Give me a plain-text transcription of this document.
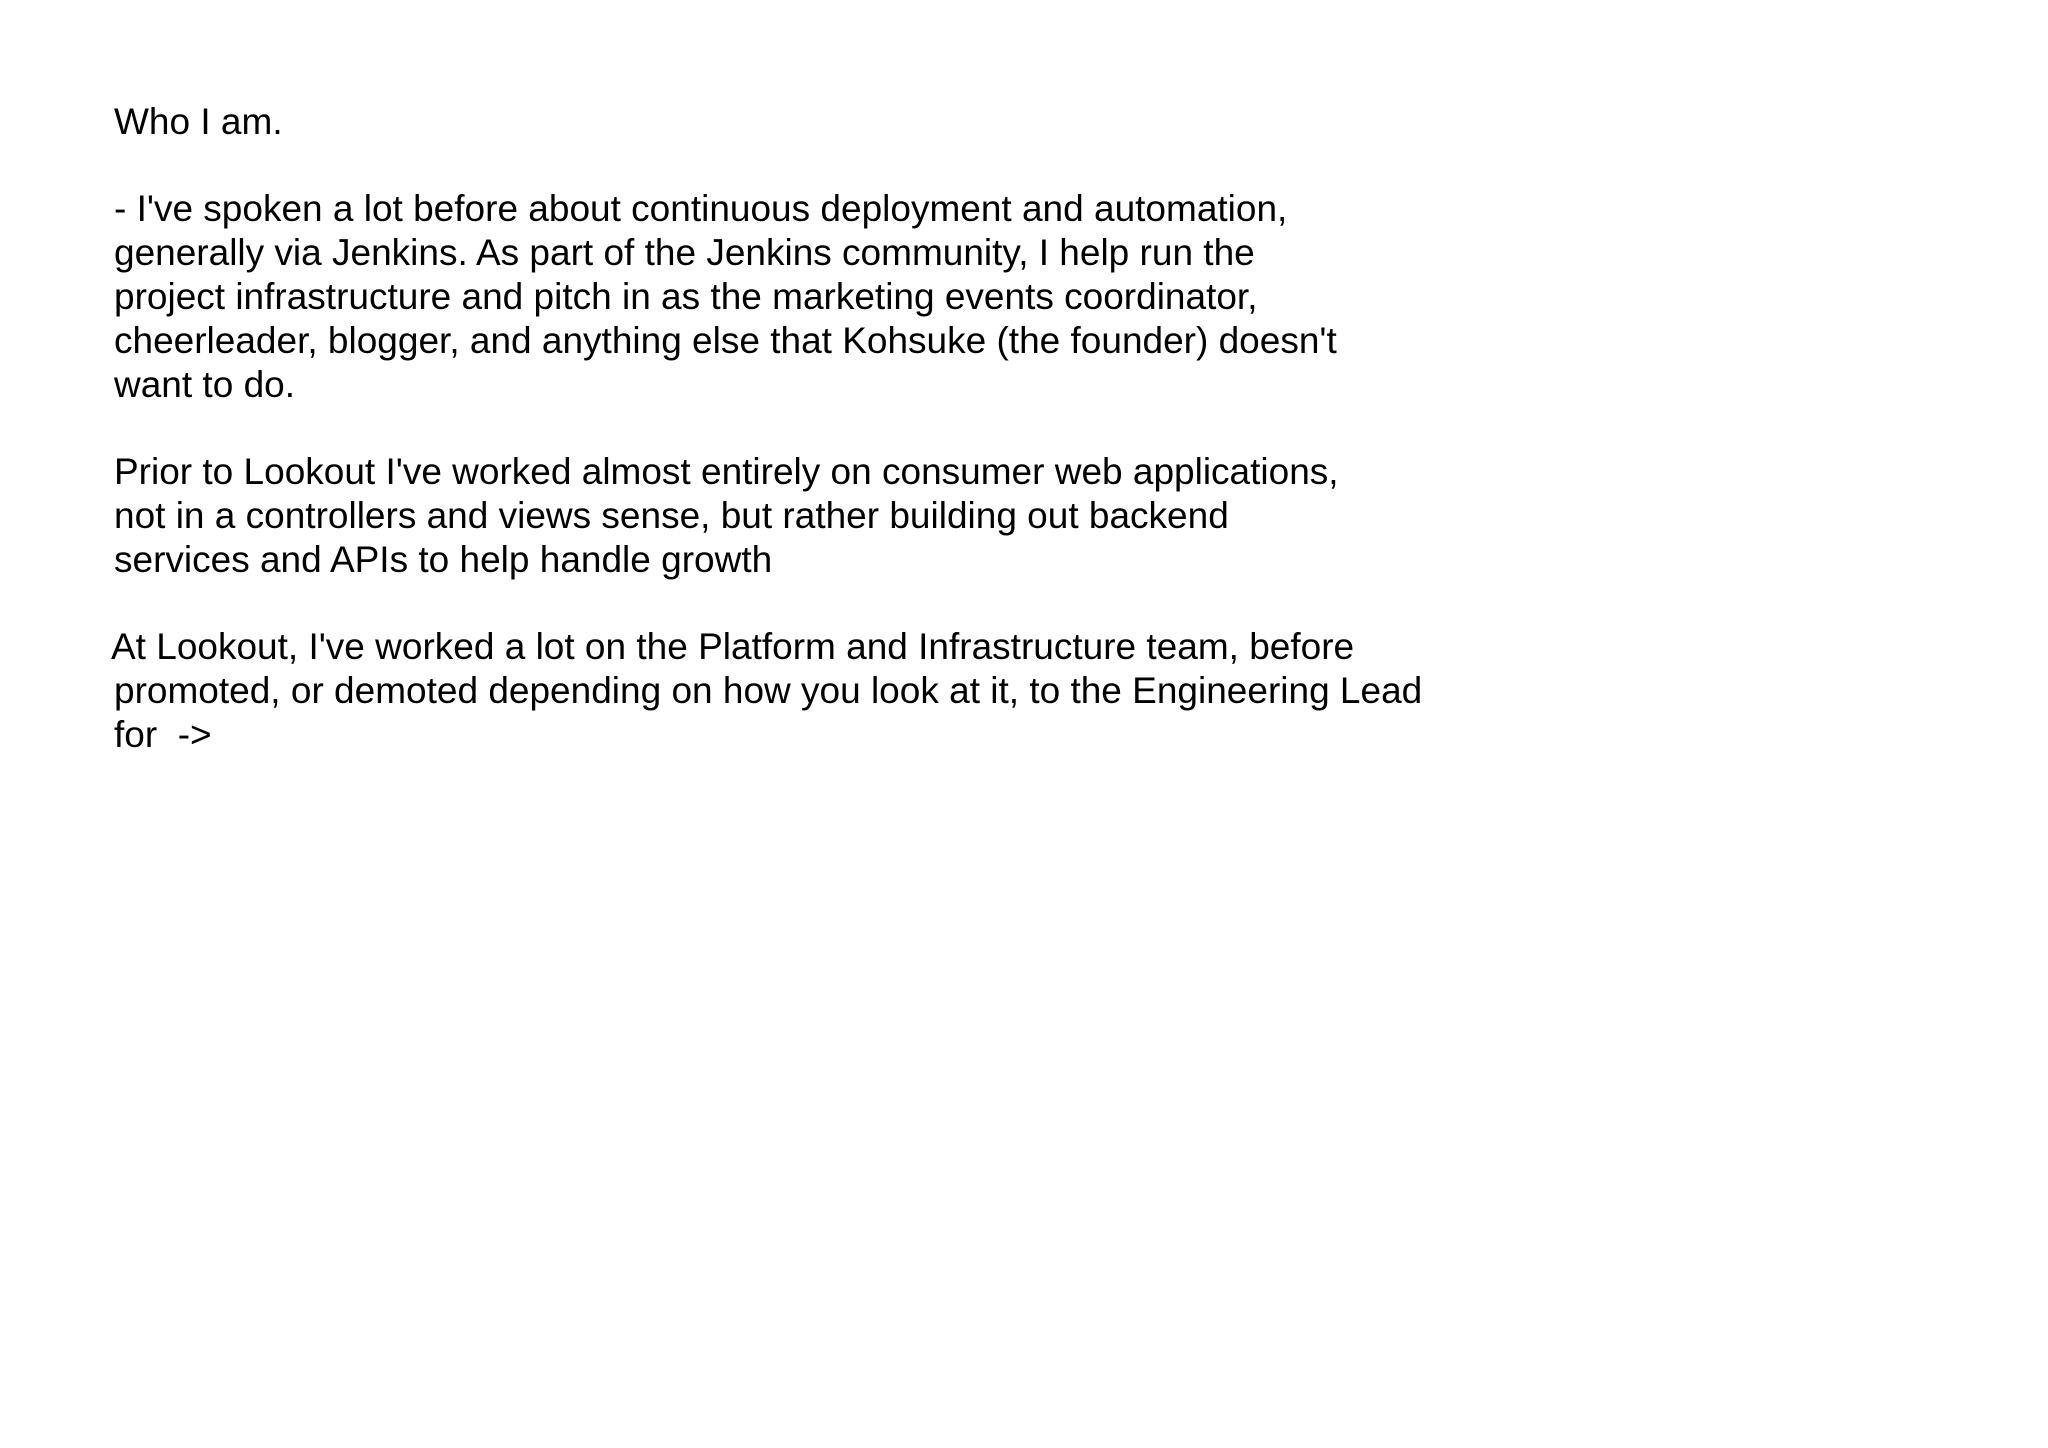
Who I am.
- I've spoken a lot before about continuous deployment and automation,
generally via Jenkins. As part of the Jenkins community, I help run the
project infrastructure and pitch in as the marketing events coordinator,
cheerleader, blogger, and anything else that Kohsuke (the founder) doesn't
want to do.
Prior to Lookout I've worked almost entirely on consumer web applications,
not in a controllers and views sense, but rather building out backend
services and APIs to help handle growth
At Lookout, I've worked a lot on the Platform and Infrastructure team, before
promoted, or demoted depending on how you look at it, to the Engineering Lead
for  ->
